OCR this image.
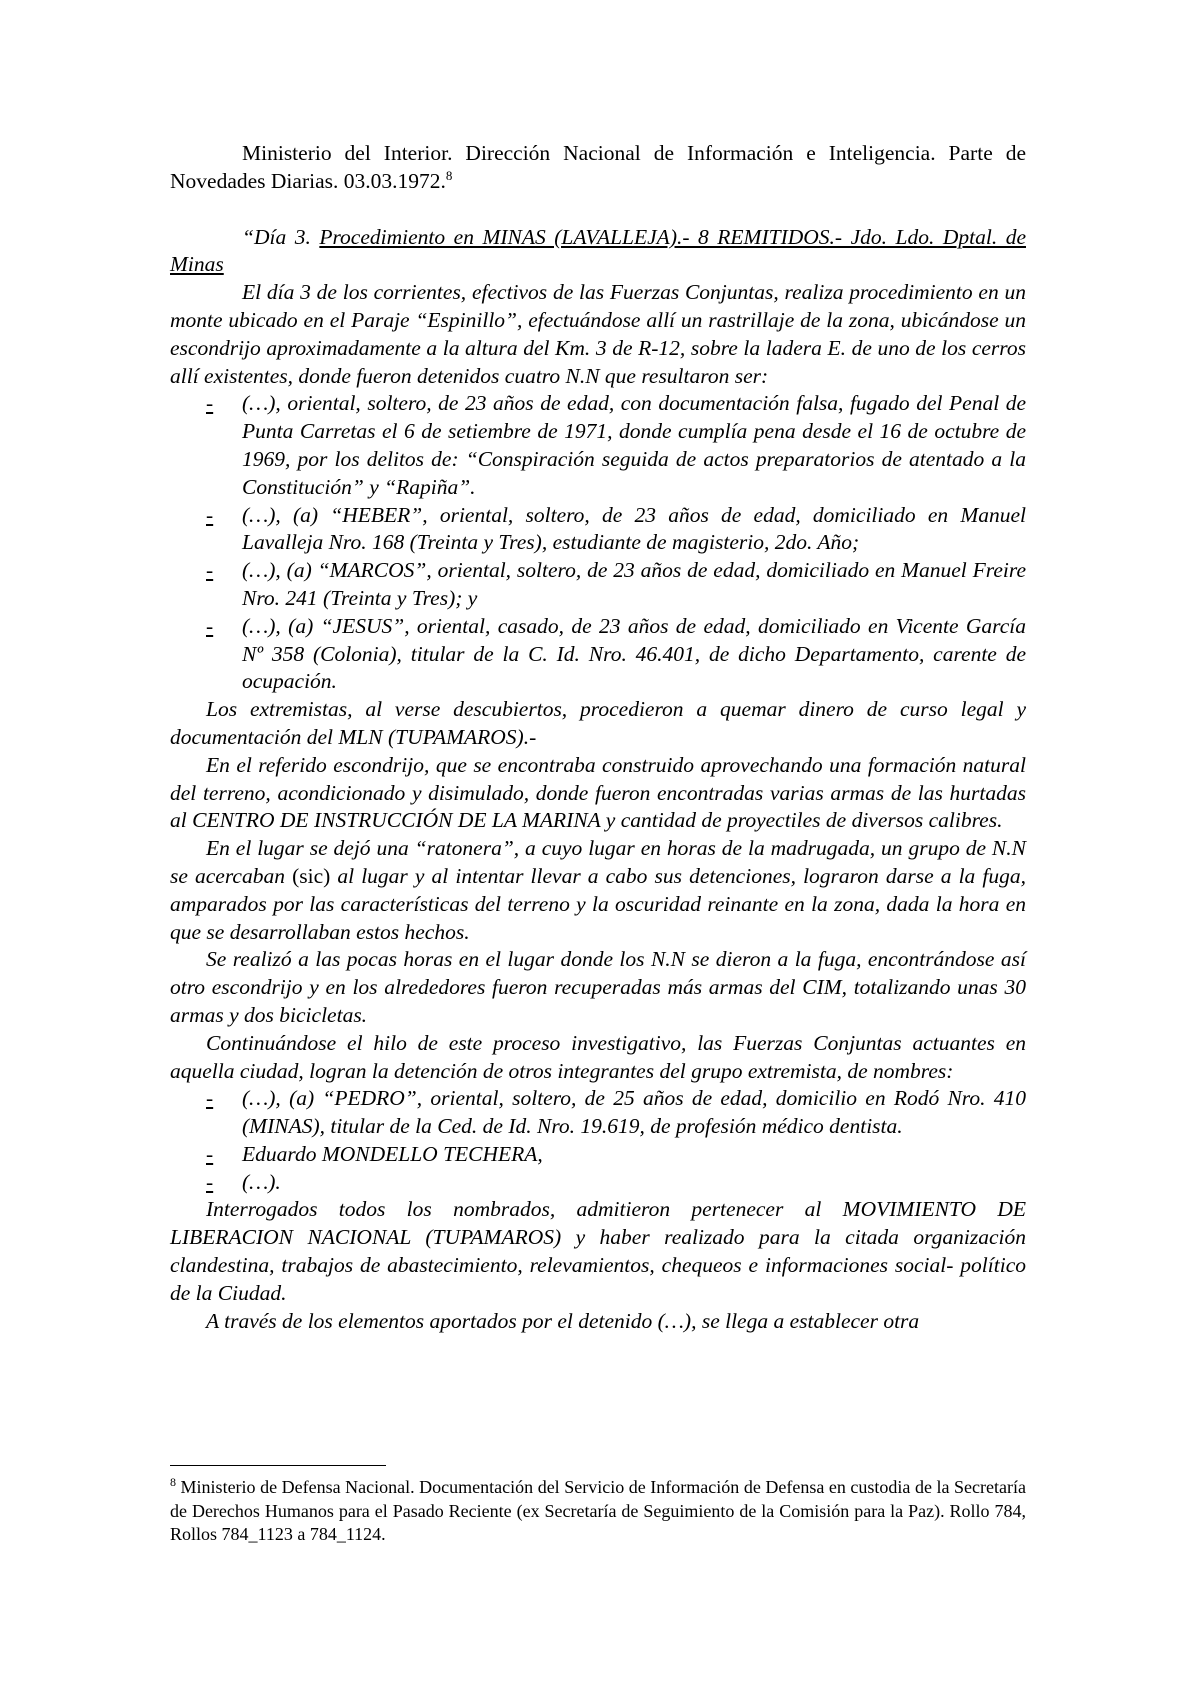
Ministerio del Interior. Dirección Nacional de Información e Inteligencia. Parte de Novedades Diarias. 03.03.1972.$^8$

“Día 3. Procedimiento en MINAS (LAVALLEJA).- 8 REMITIDOS.- Jdo. Ldo. Dptal. de Minas

El día 3 de los corrientes, efectivos de las Fuerzas Conjuntas, realiza procedimiento en un monte ubicado en el Paraje “Espinillo”, efectuándose allí un rastrillaje de la zona, ubicándose un escondrijo aproximadamente a la altura del Km. 3 de R-12, sobre la ladera E. de uno de los cerros allí existentes, donde fueron detenidos cuatro N.N que resultaron ser:

-	(…), oriental, soltero, de 23 años de edad, con documentación falsa, fugado del Penal de Punta Carretas el 6 de setiembre de 1971, donde cumplía pena desde el 16 de octubre de 1969, por los delitos de: “Conspiración seguida de actos preparatorios de atentado a la Constitución” y “Rapiña”.

-	(…), (a) “HEBER”, oriental, soltero, de 23 años de edad, domiciliado en Manuel Lavalleja Nro. 168 (Treinta y Tres), estudiante de magisterio, 2do. Año;

-	(…), (a) “MARCOS”, oriental, soltero, de 23 años de edad, domiciliado en Manuel Freire Nro. 241 (Treinta y Tres); y

-	(…), (a) “JESUS”, oriental, casado, de 23 años de edad, domiciliado en Vicente García Nº 358 (Colonia), titular de la C. Id. Nro. 46.401, de dicho Departamento, carente de ocupación.

Los extremistas, al verse descubiertos, procedieron a quemar dinero de curso legal y documentación del MLN (TUPAMAROS).-

En el referido escondrijo, que se encontraba construido aprovechando una formación natural del terreno, acondicionado y disimulado, donde fueron encontradas varias armas de las hurtadas al CENTRO DE INSTRUCCIÓN DE LA MARINA y cantidad de proyectiles de diversos calibres.

En el lugar se dejó una “ratonera”, a cuyo lugar en horas de la madrugada, un grupo de N.N se acercaban (sic) al lugar y al intentar llevar a cabo sus detenciones, lograron darse a la fuga, amparados por las características del terreno y la oscuridad reinante en la zona, dada la hora en que se desarrollaban estos hechos.

Se realizó a las pocas horas en el lugar donde los N.N se dieron a la fuga, encontrándose así otro escondrijo y en los alrededores fueron recuperadas más armas del CIM, totalizando unas 30 armas y dos bicicletas.

Continuándose el hilo de este proceso investigativo, las Fuerzas Conjuntas actuantes en aquella ciudad, logran la detención de otros integrantes del grupo extremista, de nombres:

-	(…), (a) “PEDRO”, oriental, soltero, de 25 años de edad, domicilio en Rodó Nro. 410 (MINAS), titular de la Ced. de Id. Nro. 19.619, de profesión médico dentista.

-	Eduardo MONDELLO TECHERA,

-	(…).

Interrogados todos los nombrados, admitieron pertenecer al MOVIMIENTO DE LIBERACION NACIONAL (TUPAMAROS) y haber realizado para la citada organización clandestina, trabajos de abastecimiento, relevamientos, chequeos e informaciones social- político de la Ciudad.

A través de los elementos aportados por el detenido (…), se llega a establecer otra

$^8$ Ministerio de Defensa Nacional. Documentación del Servicio de Información de Defensa en custodia de la Secretaría de Derechos Humanos para el Pasado Reciente (ex Secretaría de Seguimiento de la Comisión para la Paz). Rollo 784, Rollos 784_1123 a 784_1124.
